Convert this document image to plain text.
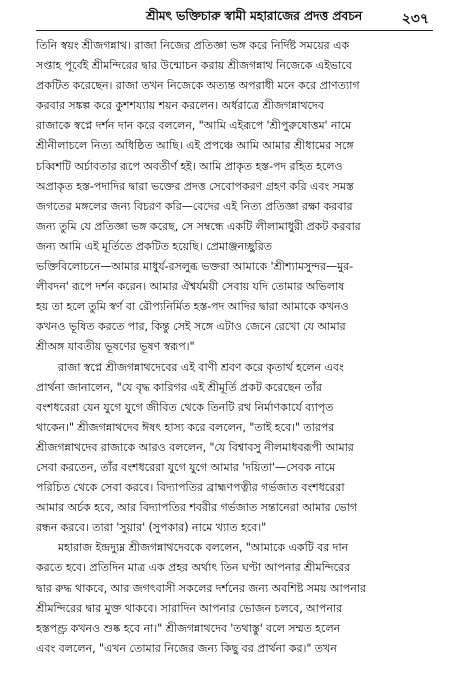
শ্রীমৎ ভক্তিচারু স্বামী মহারাজের প্রদত্ত প্রবচন	২৩৭

তিনি স্বয়ং শ্রীজগন্নাথ। রাজা নিজের প্রতিজ্ঞা ভঙ্গ করে নির্দিষ্ট সময়ের এক
সপ্তাহ পূর্বেই শ্রীমন্দিরের দ্বার উন্মোচন করায় শ্রীজগন্নাথ নিজেকে এইভাবে
প্রকটিত করেছেন। রাজা তখন নিজেকে অত্যন্ত অপরাধী মনে করে প্রাণত্যাগ
করবার সঙ্কল্প করে কুশশয্যায় শয়ন করলেন। অর্ধরাত্রে শ্রীজগন্নাথদেব
রাজাকে স্বপ্নে দর্শন দান করে বললেন, "আমি এইরূপে 'শ্রীপুরুষোত্তম' নামে
শ্রীনীলাচলে নিত্য অধিষ্ঠিত আছি। এই প্রপঞ্চে আমি আমার শ্রীধামের সঙ্গে
চব্বিশটি অর্চাবতার রূপে অবতীর্ণ হই। আমি প্রাকৃত হস্ত-পদ রহিত হলেও
অপ্রাকৃত হস্ত-পদাদির দ্বারা ভক্তের প্রদত্ত সেবোপকরণ গ্রহণ করি এবং সমস্ত
জগতের মঙ্গলের জন্য বিচরণ করি—বেদের এই নিত্য প্রতিজ্ঞা রক্ষা করবার
জন্য তুমি যে প্রতিজ্ঞা ভঙ্গ করেছ, সে সম্বন্ধে একটি লীলামাধুরী প্রকট করবার
জন্য আমি এই মূর্তিতে প্রকটিত হয়েছি। প্রেমাঞ্জনচ্ছুরিত
ভক্তিবিলোচনে—আমার মাধুর্য-রসলুব্ধ ভক্তরা আমাকে 'শ্রীশ্যামসুন্দর—মুর-
লীবদন' রূপে দর্শন করেন। আমার ঐশ্বর্যময়ী সেবায় যদি তোমার অভিলাষ
হয় তা হলে তুমি স্বর্ণ বা রৌপ্যনির্মিত হস্ত-পদ আদির দ্বারা আমাকে কখনও
কখনও ভূষিত করতে পার, কিন্তু সেই সঙ্গে এটাও জেনে রেখো যে আমার
শ্রীঅঙ্গ যাবতীয় ভূষণের ভূষণ স্বরূপ।"

রাজা স্বপ্নে শ্রীজগন্নাথদেবের এই বাণী শ্রবণ করে কৃতার্থ হলেন এবং
প্রার্থনা জানালেন, "যে বৃদ্ধ কারিগর এই শ্রীমূর্তি প্রকট করেছেন তাঁর
বংশধরেরা যেন যুগে যুগে জীবিত থেকে তিনটি রথ নির্মাণকার্যে ব্যাপৃত
থাকেন।" শ্রীজগন্নাথদেব ঈষৎ হাস্য করে বললেন, "তাই হবে।" তারপর
শ্রীজগন্নাথদেব রাজাকে আরও বললেন, "যে বিশ্বাবসু নীলমাধবরূপী আমার
সেবা করতেন, তাঁর বংশধরেরা যুগে যুগে আমার 'দয়িতা'—সেবক নামে
পরিচিত থেকে সেবা করবে। বিদ্যাপতির ব্রাহ্মণপত্নীর গর্ভজাত বংশধরেরা
আমার অর্চক হবে, আর বিদ্যাপতির শবরীর গর্ভজাত সন্তানেরা আমার ভোগ
রন্ধন করবে। তারা 'সুয়ার' (সুপকার) নামে খ্যাত হবে।"

মহারাজ ইন্দ্রদ্যুম্ন শ্রীজগন্নাথদেবকে বললেন, "আমাকে একটি বর দান
করতে হবে। প্রতিদিন মাত্র এক প্রহর অর্থাৎ তিন ঘণ্টা আপনার শ্রীমন্দিরের
দ্বার রুদ্ধ থাকবে, আর জগৎবাসী সকলের দর্শনের জন্য অবশিষ্ট সময় আপনার
শ্রীমন্দিরের দ্বার মুক্ত থাকবে। সারাদিন আপনার ভোজন চলবে, আপনার
হস্তপণ্ড্র কখনও শুষ্ক হবে না।" শ্রীজগন্নাথদেব 'তথাস্তু' বলে সম্মত হলেন
এবং বললেন, "এখন তোমার নিজের জন্য কিছু বর প্রার্থনা কর।" তখন
